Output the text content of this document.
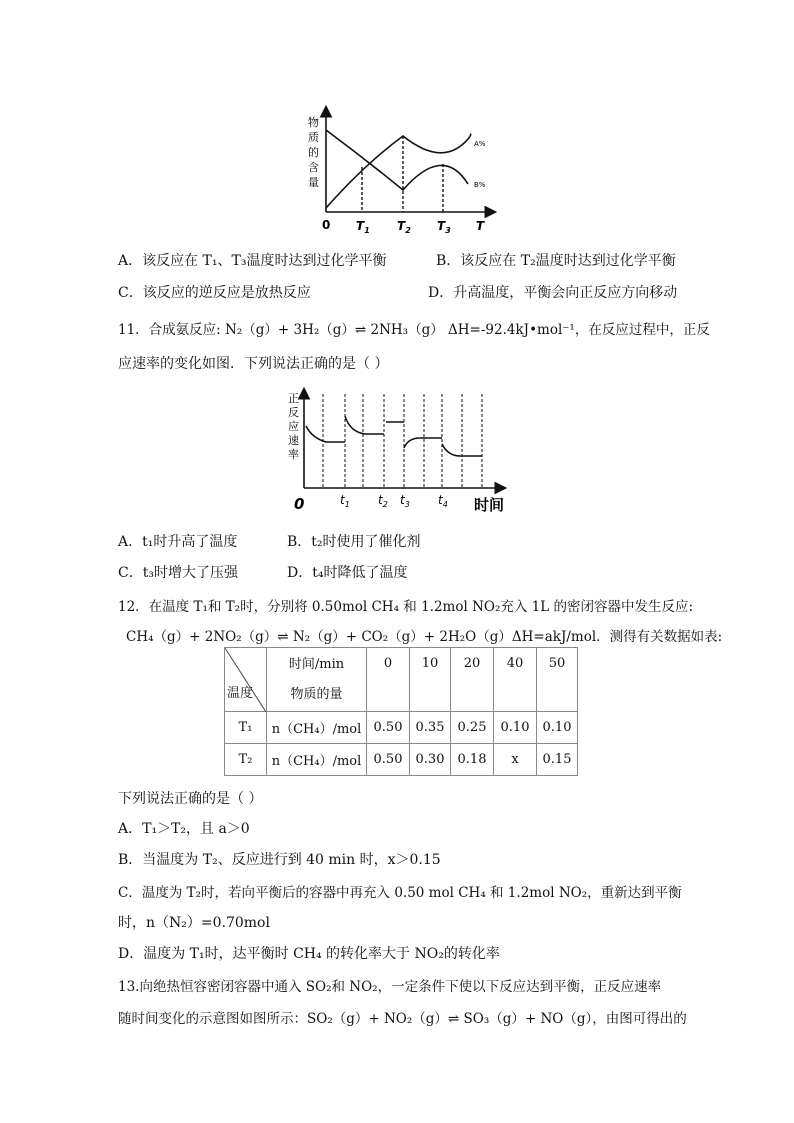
物
质
的
含
量
A%
B%
0 $T_1$ $T_2$ $T_3$ T
A．该反应在 T₁、T₃温度时达到过化学平衡	B．该反应在 T₂温度时达到过化学平衡
C．该反应的逆反应是放热反应	D．升高温度，平衡会向正反应方向移动
11．合成氨反应: N₂（g）+ 3H₂（g）⇌ 2NH₃（g） ΔH=-92.4kJ•mol⁻¹，在反应过程中，正反
应速率的变化如图．下列说法正确的是（ ）
正
反
应
速
率
0	$t_1$ $t_2$ $t_3$ $t_4$ 时间
A．t₁时升高了温度	B．t₂时使用了催化剂
C．t₃时增大了压强	D．t₄时降低了温度
12．在温度 T₁和 T₂时，分别将 0.50mol CH₄ 和 1.2mol NO₂充入 1L 的密闭容器中发生反应:
CH₄（g）+ 2NO₂（g）⇌ N₂（g）+ CO₂（g）+ 2H₂O（g）ΔH=akJ/mol．测得有关数据如表:
温度	时间/min
物质的量	0	10	20	40	50
T₁	n（CH₄）/mol	0.50	0.35	0.25	0.10	0.10
T₂	n（CH₄）/mol	0.50	0.30	0.18	x	0.15
下列说法正确的是（ ）
A．T₁＞T₂，且 a＞0
B．当温度为 T₂、反应进行到 40 min 时，x＞0.15
C．温度为 T₂时，若向平衡后的容器中再充入 0.50 mol CH₄ 和 1.2mol NO₂，重新达到平衡
时，n（N₂）=0.70mol
D．温度为 T₁时，达平衡时 CH₄ 的转化率大于 NO₂的转化率
13.向绝热恒容密闭容器中通入 SO₂和 NO₂，一定条件下使以下反应达到平衡，正反应速率
随时间变化的示意图如图所示：SO₂（g）+ NO₂（g）⇌ SO₃（g）+ NO（g），由图可得出的
